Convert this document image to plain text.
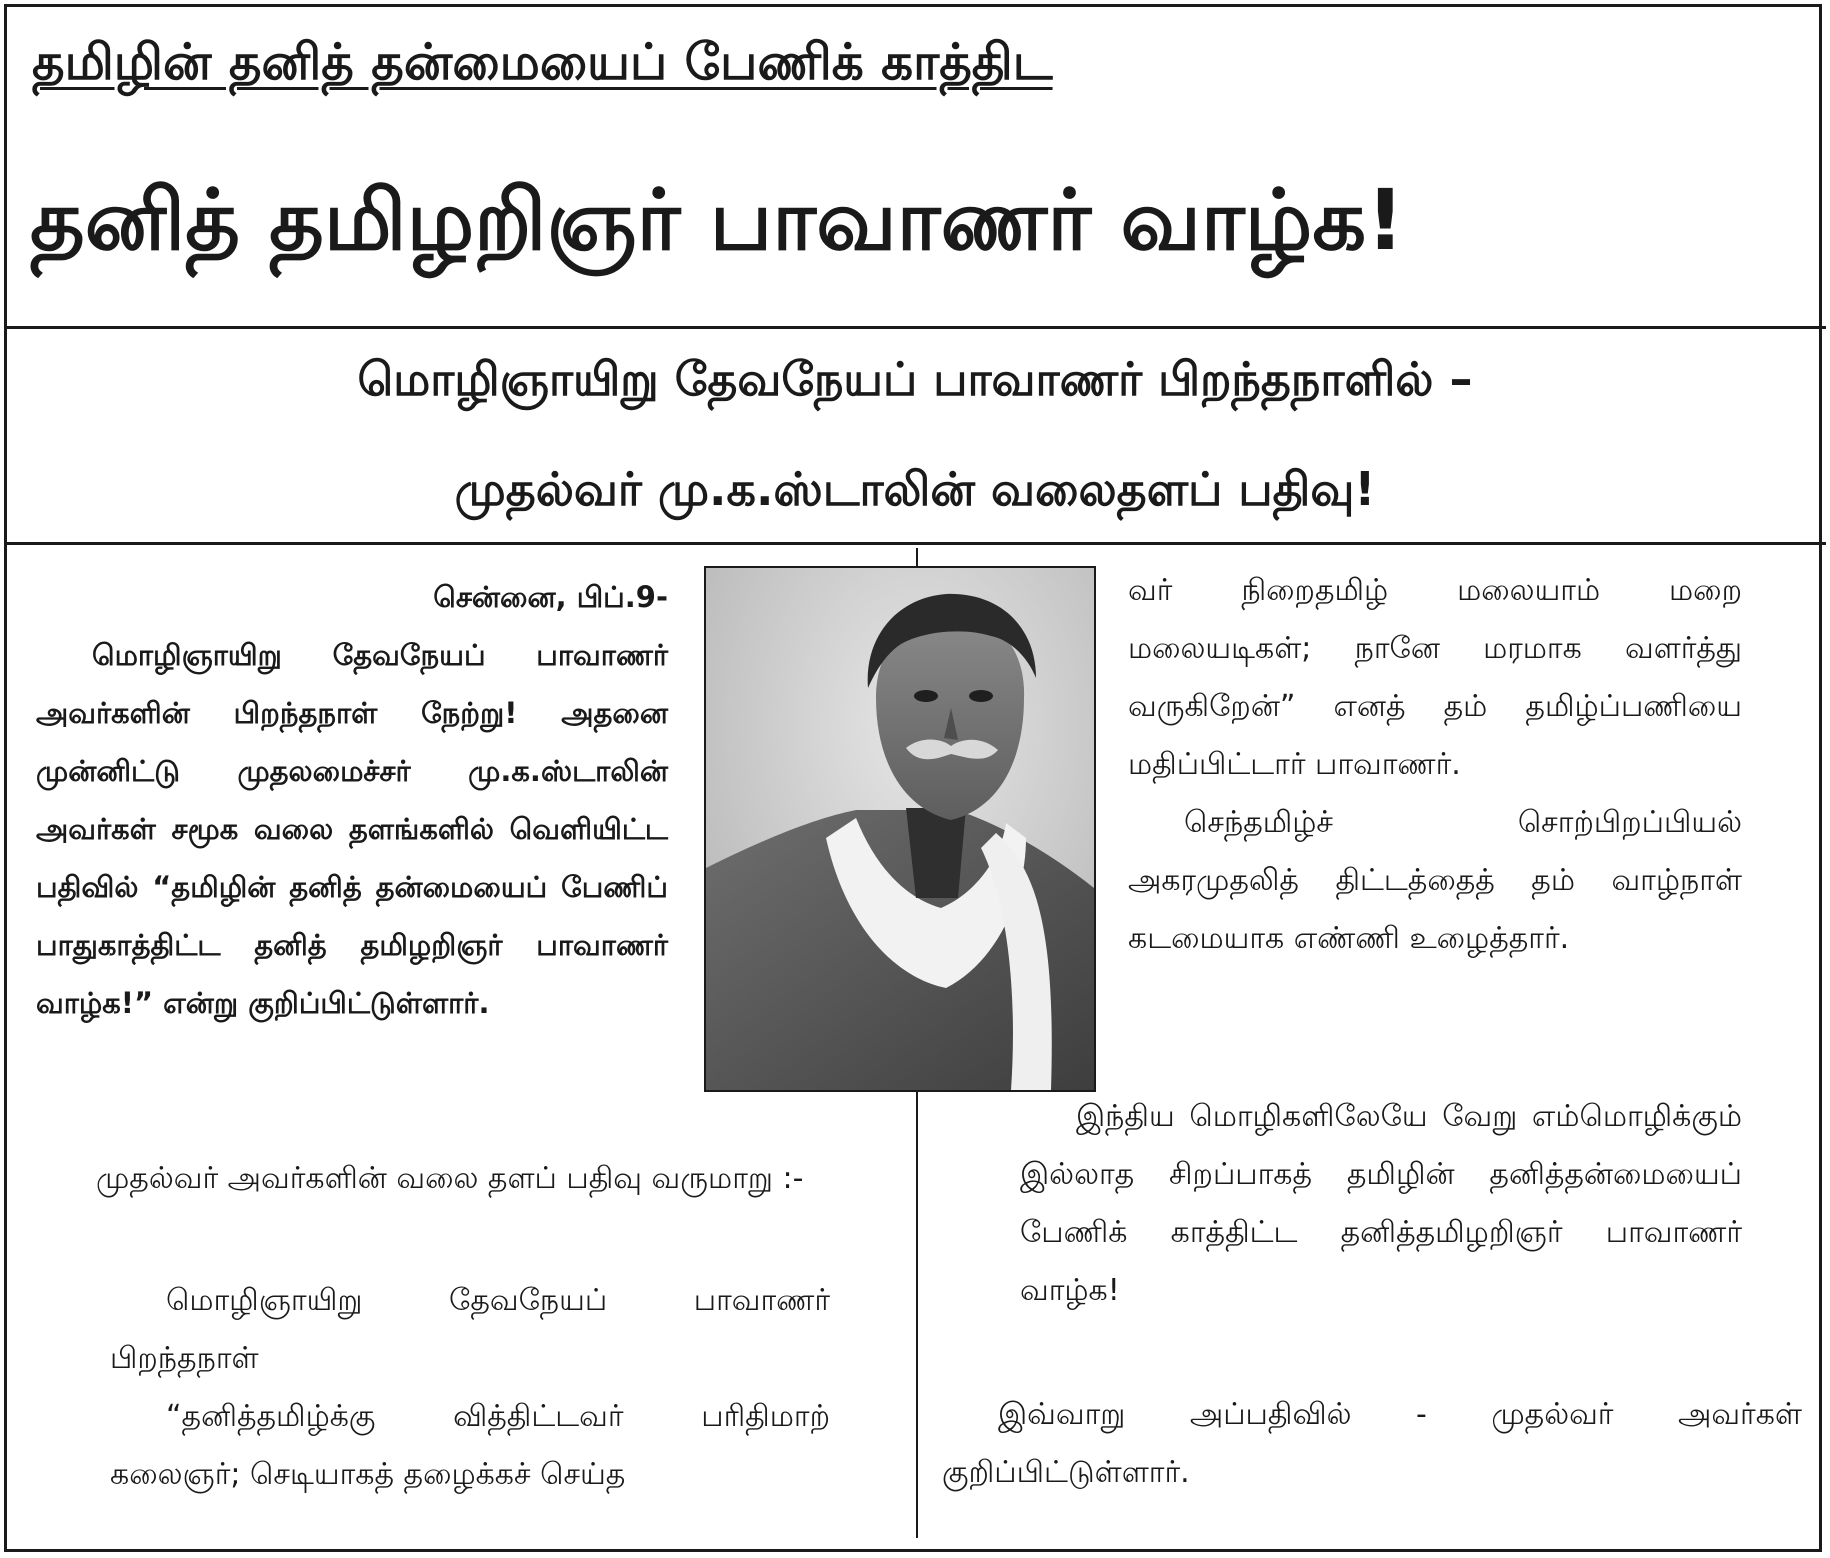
தமிழின் தனித் தன்மையைப் பேணிக் காத்திட
தனித் தமிழறிஞர் பாவாணர் வாழ்க!
மொழிஞாயிறு தேவநேயப் பாவாணர் பிறந்தநாளில் –
முதல்வர் மு.க.ஸ்டாலின் வலைதளப் பதிவு!

சென்னை, பிப்.9-

மொழிஞாயிறு தேவநேயப் பாவாணர் அவர்களின் பிறந்தநாள் நேற்று! அதனை முன்னிட்டு முதலமைச்சர் மு.க.ஸ்டாலின் அவர்கள் சமூக வலை தளங்களில் வெளியிட்ட பதிவில் “தமிழின் தனித் தன்மையைப் பேணிப் பாதுகாத்திட்ட தனித் தமிழறிஞர் பாவாணர் வாழ்க!” என்று குறிப்பிட்டுள்ளார்.

முதல்வர் அவர்களின் வலை தளப் பதிவு வருமாறு :-

மொழிஞாயிறு தேவநேயப் பாவாணர் பிறந்தநாள்

“தனித்தமிழ்க்கு வித்திட்டவர் பரிதிமாற் கலைஞர்; செடியாகத் தழைக்கச் செய்த

வர் நிறைதமிழ் மலையாம் மறை மலையடிகள்; நானே மரமாக வளர்த்து வருகிறேன்” எனத் தம் தமிழ்ப்பணியை மதிப்பிட்டார் பாவாணர்.

செந்தமிழ்ச் சொற்பிறப்பியல் அகரமுதலித் திட்டத்தைத் தம் வாழ்நாள் கடமையாக எண்ணி உழைத்தார்.

இந்திய மொழிகளிலேயே வேறு எம்மொழிக்கும் இல்லாத சிறப்பாகத் தமிழின் தனித்தன்மையைப் பேணிக் காத்திட்ட தனித்தமிழறிஞர் பாவாணர் வாழ்க!

இவ்வாறு அப்பதிவில் - முதல்வர் அவர்கள் குறிப்பிட்டுள்ளார்.
